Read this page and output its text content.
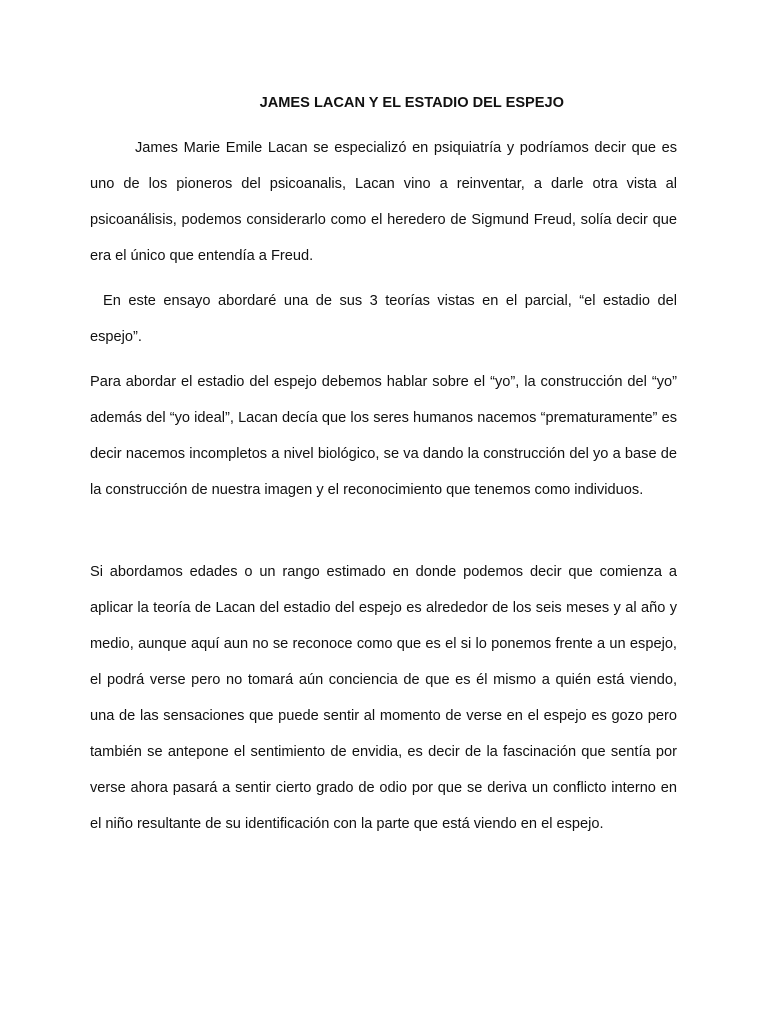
JAMES LACAN Y EL ESTADIO DEL ESPEJO

James Marie Emile Lacan se especializó en psiquiatría y podríamos decir que es uno de los pioneros del psicoanalis, Lacan vino a reinventar, a darle otra vista al psicoanálisis, podemos considerarlo como el heredero de Sigmund Freud, solía decir que era el único que entendía a Freud.

En este ensayo abordaré una de sus 3 teorías vistas en el parcial, “el estadio del espejo”.

Para abordar el estadio del espejo debemos hablar sobre el “yo”, la construcción del “yo” además del “yo ideal”, Lacan decía que los seres humanos nacemos “prematuramente” es decir nacemos incompletos a nivel biológico, se va dando la construcción del yo a base de la construcción de nuestra imagen y el reconocimiento que tenemos como individuos.

Si abordamos edades o un rango estimado en donde podemos decir que comienza a aplicar la teoría de Lacan del estadio del espejo es alrededor de los seis meses y al año y medio, aunque aquí aun no se reconoce como que es el si lo ponemos frente a un espejo, el podrá verse pero no tomará aún conciencia de que es él mismo a quién está viendo, una de las sensaciones que puede sentir al momento de verse en el espejo es gozo pero también se antepone el sentimiento de envidia, es decir de la fascinación que sentía por verse ahora pasará a sentir cierto grado de odio por que se deriva un conflicto interno en el niño resultante de su identificación con la parte que está viendo en el espejo.
